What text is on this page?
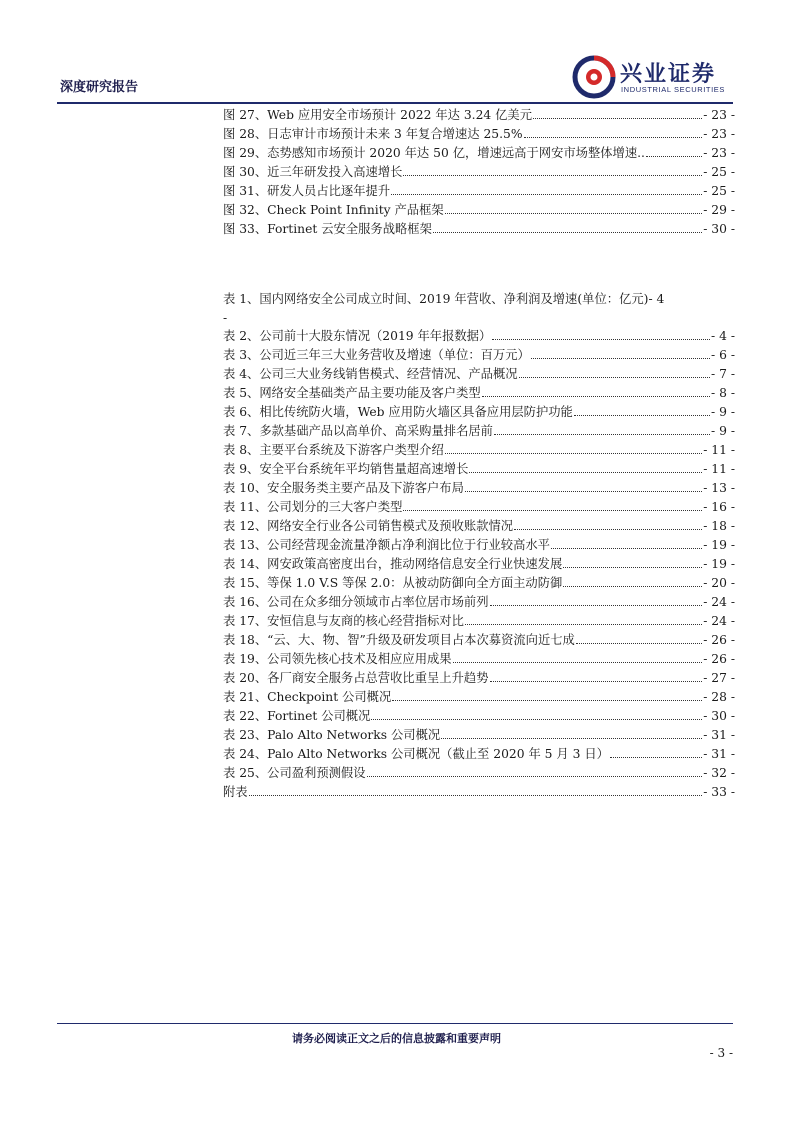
深度研究报告
兴业证券
INDUSTRIAL SECURITIES
图 27、Web 应用安全市场预计 2022 年达 3.24 亿美元	- 23 -
图 28、日志审计市场预计未来 3 年复合增速达 25.5%	- 23 -
图 29、态势感知市场预计 2020 年达 50 亿，增速远高于网安市场整体增速..	- 23 -
图 30、近三年研发投入高速增长	- 25 -
图 31、研发人员占比逐年提升	- 25 -
图 32、Check Point Infinity 产品框架	- 29 -
图 33、Fortinet 云安全服务战略框架	- 30 -
表 1、国内网络安全公司成立时间、2019 年营收、净利润及增速(单位：亿元) - 4
-
表 2、公司前十大股东情况（2019 年年报数据）	- 4 -
表 3、公司近三年三大业务营收及增速（单位：百万元）	- 6 -
表 4、公司三大业务线销售模式、经营情况、产品概况	- 7 -
表 5、网络安全基础类产品主要功能及客户类型	- 8 -
表 6、相比传统防火墙，Web 应用防火墙区具备应用层防护功能	- 9 -
表 7、多款基础产品以高单价、高采购量排名居前	- 9 -
表 8、主要平台系统及下游客户类型介绍	- 11 -
表 9、安全平台系统年平均销售量超高速增长	- 11 -
表 10、安全服务类主要产品及下游客户布局	- 13 -
表 11、公司划分的三大客户类型	- 16 -
表 12、网络安全行业各公司销售模式及预收账款情况	- 18 -
表 13、公司经营现金流量净额占净利润比位于行业较高水平	- 19 -
表 14、网安政策高密度出台，推动网络信息安全行业快速发展	- 19 -
表 15、等保 1.0 V.S 等保 2.0：从被动防御向全方面主动防御	- 20 -
表 16、公司在众多细分领域市占率位居市场前列	- 24 -
表 17、安恒信息与友商的核心经营指标对比	- 24 -
表 18、“云、大、物、智”升级及研发项目占本次募资流向近七成	- 26 -
表 19、公司领先核心技术及相应应用成果	- 26 -
表 20、各厂商安全服务占总营收比重呈上升趋势	- 27 -
表 21、Checkpoint 公司概况	- 28 -
表 22、Fortinet 公司概况	- 30 -
表 23、Palo Alto Networks 公司概况	- 31 -
表 24、Palo Alto Networks 公司概况（截止至 2020 年 5 月 3 日）	- 31 -
表 25、公司盈利预测假设	- 32 -
附表	- 33 -
请务必阅读正文之后的信息披露和重要声明
- 3 -
